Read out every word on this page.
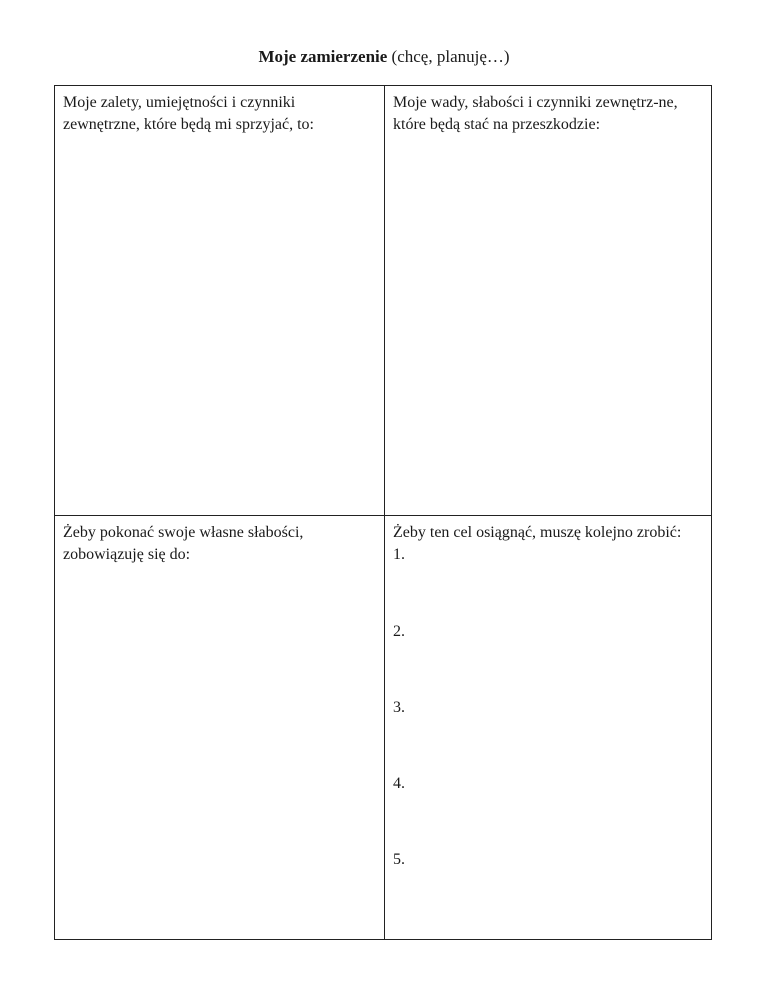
Moje zamierzenie (chcę, planuję…)
Moje zalety, umiejętności i czynniki zewnętrzne, które będą mi sprzyjać, to:
Moje wady, słabości i czynniki zewnętrz-ne, które będą stać na przeszkodzie:
Żeby pokonać swoje własne słabości, zobowiązuję się do:
Żeby ten cel osiągnąć, muszę kolejno zrobić:
1.
2.
3.
4.
5.
